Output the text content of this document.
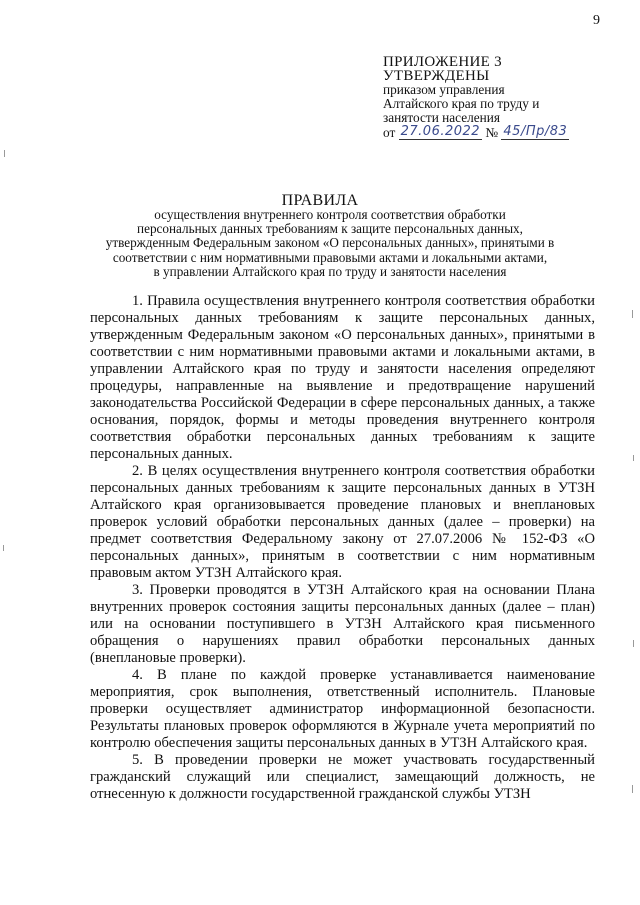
9
ПРИЛОЖЕНИЕ 3
УТВЕРЖДЕНЫ
приказом управления
Алтайского края по труду и
занятости населения
от
27.06.2022
№
45/Пр/83
ПРАВИЛА
осуществления внутреннего контроля соответствия обработки
персональных данных требованиям к защите персональных данных,
утвержденным Федеральным законом «О персональных данных», принятыми в
соответствии с ним нормативными правовыми актами и локальными актами,
в управлении Алтайского края по труду и занятости населения

1. Правила осуществления внутреннего контроля соответствия обработки персональных данных требованиям к защите персональных данных, утвержденным Федеральным законом «О персональных данных», принятыми в соответствии с ним нормативными правовыми актами и локальными актами, в управлении Алтайского края по труду и занятости населения определяют процедуры, направленные на выявление и предотвращение нарушений законодательства Российской Федерации в сфере персональных данных, а также основания, порядок, формы и методы проведения внутреннего контроля соответствия обработки персональных данных требованиям к защите персональных данных.

2. В целях осуществления внутреннего контроля соответствия обработки персональных данных требованиям к защите персональных данных в УТЗН Алтайского края организовывается проведение плановых и внеплановых проверок условий обработки персональных данных (далее – проверки) на предмет соответствия Федеральному закону от 27.07.2006 № 152-ФЗ «О персональных данных», принятым в соответствии с ним нормативным правовым актом УТЗН Алтайского края.

3. Проверки проводятся в УТЗН Алтайского края на основании Плана внутренних проверок состояния защиты персональных данных (далее – план) или на основании поступившего в УТЗН Алтайского края письменного обращения о нарушениях правил обработки персональных данных (внеплановые проверки).

4. В плане по каждой проверке устанавливается наименование мероприятия, срок выполнения, ответственный исполнитель. Плановые проверки осуществляет администратор информационной безопасности. Результаты плановых проверок оформляются в Журнале учета мероприятий по контролю обеспечения защиты персональных данных в УТЗН Алтайского края.

5. В проведении проверки не может участвовать государственный гражданский служащий или специалист, замещающий должность, не отнесенную к должности государственной гражданской службы УТЗН
